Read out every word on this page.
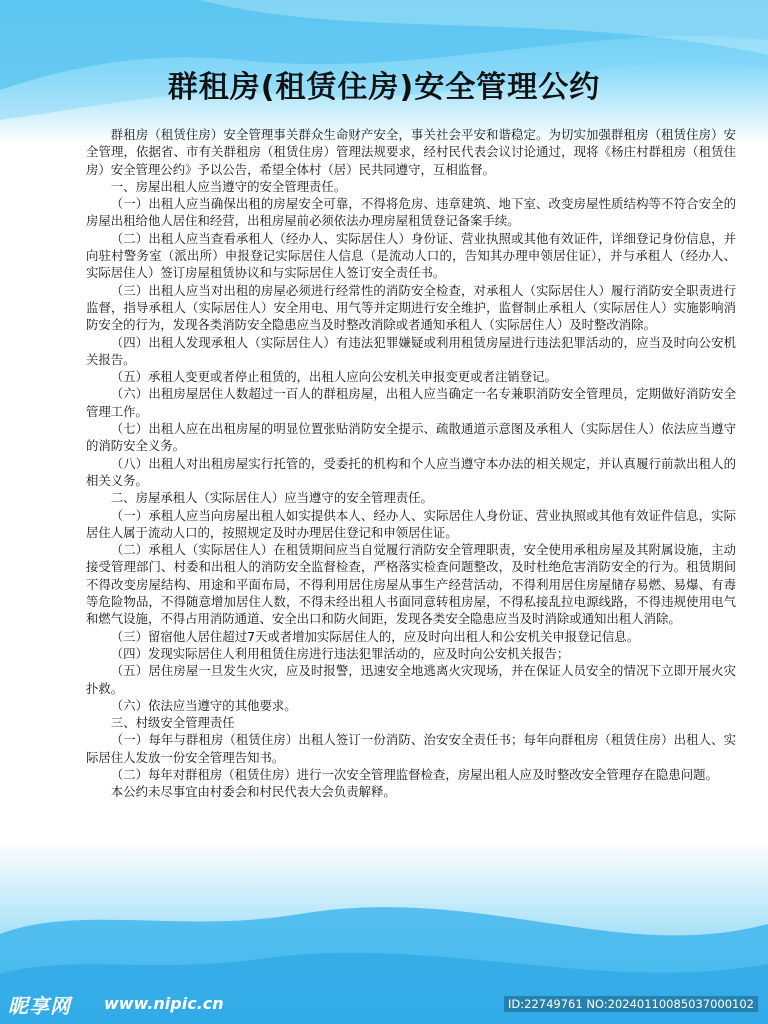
群租房(租赁住房)安全管理公约

群租房（租赁住房）安全管理事关群众生命财产安全，事关社会平安和谐稳定。为切实加强群租房（租赁住房）安全管理，依据省、市有关群租房（租赁住房）管理法规要求，经村民代表会议讨论通过，现将《杨庄村群租房（租赁住房）安全管理公约》予以公告，希望全体村（居）民共同遵守，互相监督。

一、房屋出租人应当遵守的安全管理责任。

（一）出租人应当确保出租的房屋安全可靠，不得将危房、违章建筑、地下室、改变房屋性质结构等不符合安全的房屋出租给他人居住和经营，出租房屋前必须依法办理房屋租赁登记备案手续。

（二）出租人应当查看承租人（经办人、实际居住人）身份证、营业执照或其他有效证件，详细登记身份信息，并向驻村警务室（派出所）申报登记实际居住人信息（是流动人口的，告知其办理申领居住证），并与承租人（经办人、实际居住人）签订房屋租赁协议和与实际居住人签订安全责任书。

（三）出租人应当对出租的房屋必须进行经常性的消防安全检查，对承租人（实际居住人）履行消防安全职责进行监督，指导承租人（实际居住人）安全用电、用气等并定期进行安全维护，监督制止承租人（实际居住人）实施影响消防安全的行为，发现各类消防安全隐患应当及时整改消除或者通知承租人（实际居住人）及时整改消除。

（四）出租人发现承租人（实际居住人）有违法犯罪嫌疑或利用租赁房屋进行违法犯罪活动的，应当及时向公安机关报告。

（五）承租人变更或者停止租赁的，出租人应向公安机关申报变更或者注销登记。

（六）出租房屋居住人数超过一百人的群租房屋，出租人应当确定一名专兼职消防安全管理员，定期做好消防安全管理工作。

（七）出租人应在出租房屋的明显位置张贴消防安全提示、疏散通道示意图及承租人（实际居住人）依法应当遵守的消防安全义务。

（八）出租人对出租房屋实行托管的，受委托的机构和个人应当遵守本办法的相关规定，并认真履行前款出租人的相关义务。

二、房屋承租人（实际居住人）应当遵守的安全管理责任。

（一）承租人应当向房屋出租人如实提供本人、经办人、实际居住人身份证、营业执照或其他有效证件信息，实际居住人属于流动人口的，按照规定及时办理居住登记和申领居住证。

（二）承租人（实际居住人）在租赁期间应当自觉履行消防安全管理职责，安全使用承租房屋及其附属设施，主动接受管理部门、村委和出租人的消防安全监督检查，严格落实检查问题整改，及时杜绝危害消防安全的行为。租赁期间不得改变房屋结构、用途和平面布局，不得利用居住房屋从事生产经营活动，不得利用居住房屋储存易燃、易爆、有毒等危险物品，不得随意增加居住人数，不得未经出租人书面同意转租房屋，不得私接乱拉电源线路，不得违规使用电气和燃气设施，不得占用消防通道、安全出口和防火间距，发现各类安全隐患应当及时消除或通知出租人消除。

（三）留宿他人居住超过7天或者增加实际居住人的，应及时向出租人和公安机关申报登记信息。

（四）发现实际居住人利用租赁住房进行违法犯罪活动的，应及时向公安机关报告；

（五）居住房屋一旦发生火灾，应及时报警，迅速安全地逃离火灾现场，并在保证人员安全的情况下立即开展火灾扑救。

（六）依法应当遵守的其他要求。

三、村级安全管理责任

（一）每年与群租房（租赁住房）出租人签订一份消防、治安安全责任书；每年向群租房（租赁住房）出租人、实际居住人发放一份安全管理告知书。

（二）每年对群租房（租赁住房）进行一次安全管理监督检查，房屋出租人应及时整改安全管理存在隐患问题。

本公约未尽事宜由村委会和村民代表大会负责解释。

昵享网 www.nipic.cn	ID:22749761 NO:20240110085037000102
